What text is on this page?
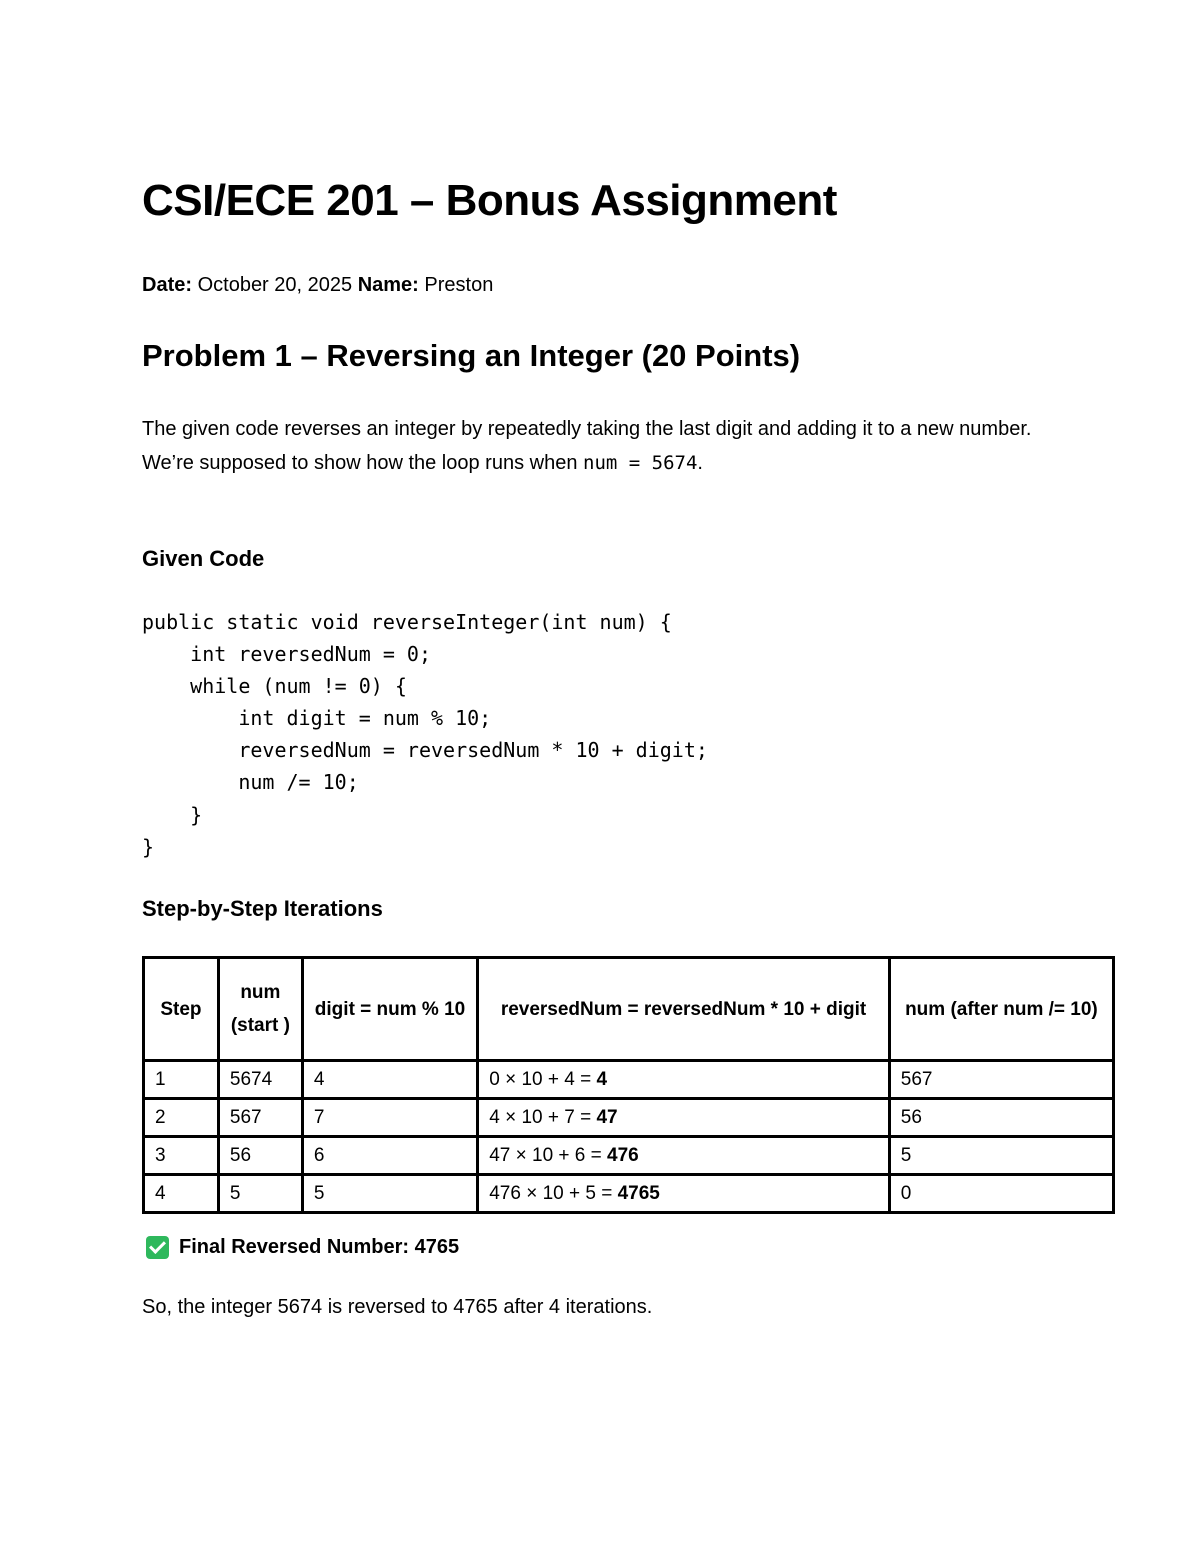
CSI/ECE 201 – Bonus Assignment
Date: October 20, 2025 Name: Preston
Problem 1 – Reversing an Integer (20 Points)

The given code reverses an integer by repeatedly taking the last digit and adding it to a new number.

We’re supposed to show how the loop runs when num = 5674.

Given Code
public static void reverseInteger(int num) {
int reversedNum = 0;
while (num != 0) {
int digit = num % 10;
reversedNum = reversedNum * 10 + digit;
num /= 10;
}
}
Step-by-Step Iterations
Step	num (start )	digit = num % 10	reversedNum = reversedNum * 10 + digit	num (after num /= 10)
1	5674	4	0 × 10 + 4 = 4	567
2	567	7	4 × 10 + 7 = 47	56
3	56	6	47 × 10 + 6 = 476	5
4	5	5	476 × 10 + 5 = 4765	0
Final Reversed Number: 4765
So, the integer 5674 is reversed to 4765 after 4 iterations.
